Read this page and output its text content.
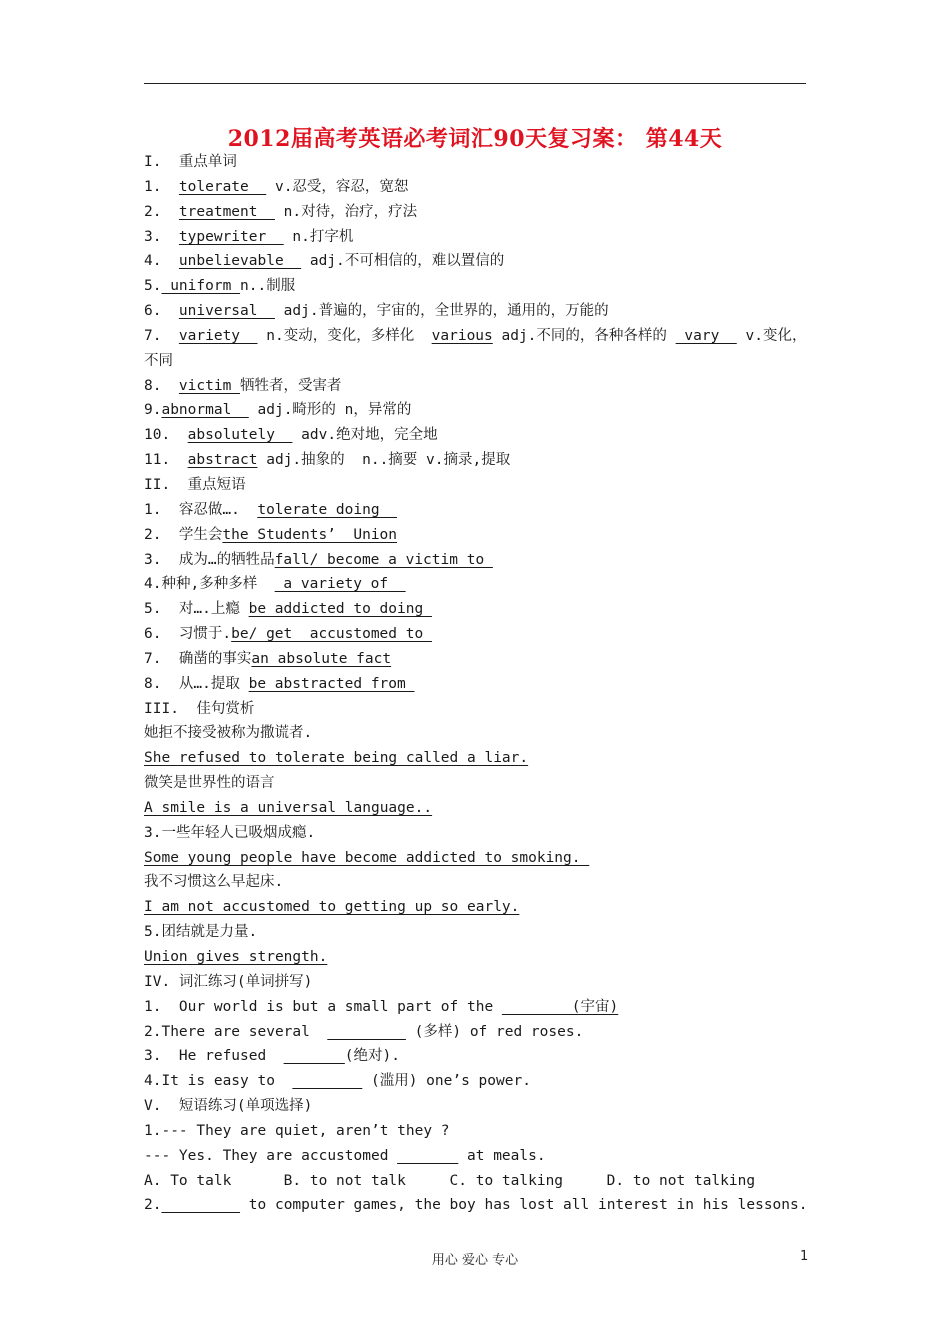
2012届高考英语必考词汇90天复习案： 第44天
I.  重点单词
1.  tolerate   v.忍受，容忍，宽恕
2.  treatment   n.对待，治疗，疗法
3.  typewriter   n.打字机
4.  unbelievable   adj.不可相信的，难以置信的
5. uniform n..制服
6.  universal   adj.普遍的，宇宙的，全世界的，通用的，万能的
7.  variety   n.变动，变化，多样化  various adj.不同的，各种各样的  vary   v.变化，不同
8.  victim 牺牲者，受害者
9.abnormal   adj.畸形的 n，异常的
10.  absolutely   adv.绝对地，完全地
11.  abstract adj.抽象的  n..摘要 v.摘录,提取
II.  重点短语
1.  容忍做….  tolerate doing
2.  学生会the Students’  Union
3.  成为…的牺牲品fall/ become a victim to
4.种种,多种多样   a variety of
5.  对….上瘾 be addicted to doing
6.  习惯于.be/ get  accustomed to
7.  确凿的事实an absolute fact
8.  从….提取 be abstracted from
III.  佳句赏析
她拒不接受被称为撒谎者.
She refused to tolerate being called a liar.
微笑是世界性的语言
A smile is a universal language..
3.一些年轻人已吸烟成瘾.
Some young people have become addicted to smoking.
我不习惯这么早起床.
I am not accustomed to getting up so early.
5.团结就是力量.
Union gives strength.
IV. 词汇练习(单词拼写)
1.  Our world is but a small part of the ________(宇宙)
2.There are several  _________ (多样) of red roses.
3.  He refused  _______(绝对).
4.It is easy to  ________ (滥用) one’s power.
V.  短语练习(单项选择)
1.--- They are quiet, aren’t they ?
--- Yes. They are accustomed _______ at meals.
A. To talk      B. to not talk     C. to talking     D. to not talking
2._________ to computer games, the boy has lost all interest in his lessons.
用心 爱心 专心	1
